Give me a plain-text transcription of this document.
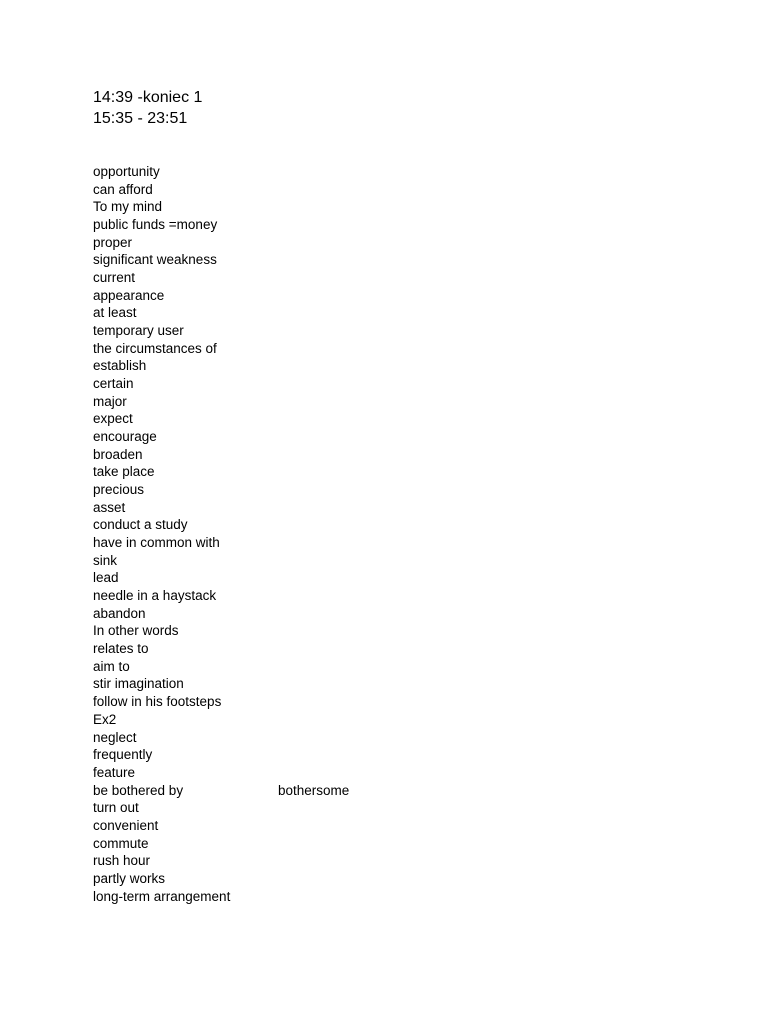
14:39 -koniec 1
15:35 - 23:51
opportunity
can afford
To my mind
public funds =money
proper
significant weakness
current
appearance
at least
temporary user
the circumstances of
establish
certain
major
expect
encourage
broaden
take place
precious
asset
conduct a study
have in common with
sink
lead
needle in a haystack
abandon
In other words
relates to
aim to
stir imagination
follow in his footsteps
Ex2
neglect
frequently
feature
be bothered by	bothersome
turn out
convenient
commute
rush hour
partly works
long-term arrangement
